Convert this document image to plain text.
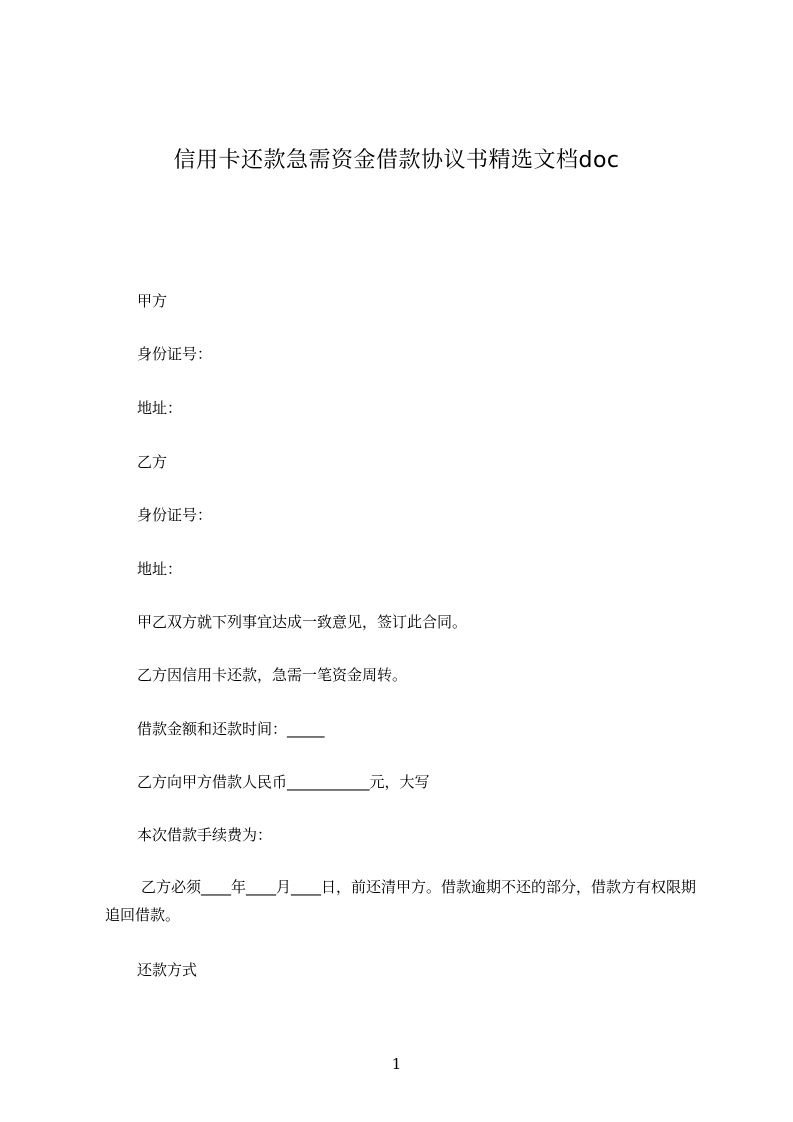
信用卡还款急需资金借款协议书精选文档doc
甲方
身份证号：
地址：
乙方
身份证号：
地址：
甲乙双方就下列事宜达成一致意见，签订此合同。
乙方因信用卡还款，急需一笔资金周转。
借款金额和还款时间：_____
乙方向甲方借款人民币___________元，大写
本次借款手续费为：
乙方必须____年____月____日，前还清甲方。借款逾期不还的部分，借款方有权限期追回借款。
还款方式
1
